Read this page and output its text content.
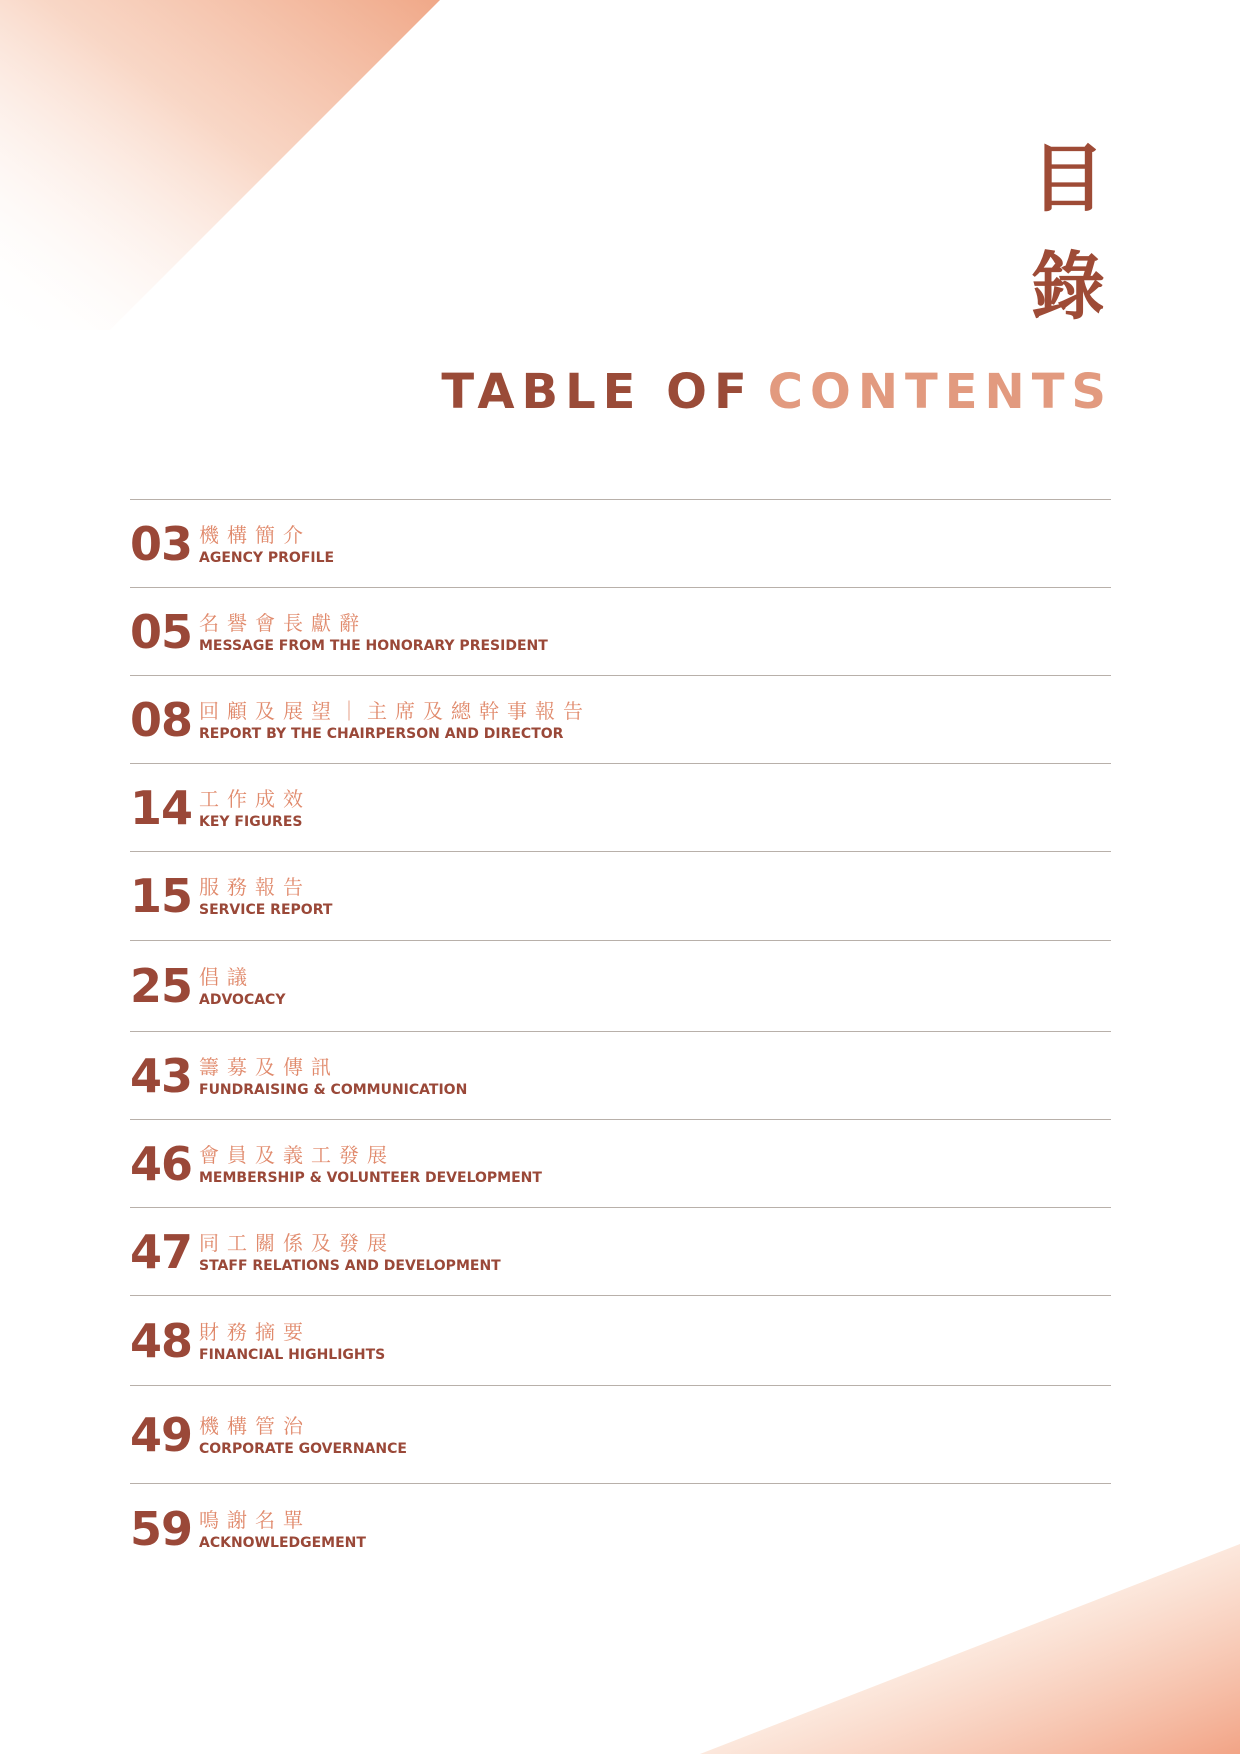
目
錄
TABLE OF CONTENTS
03 機構簡介
AGENCY PROFILE
05 名譽會長獻辭
MESSAGE FROM THE HONORARY PRESIDENT
08 回顧及展望｜主席及總幹事報告
REPORT BY THE CHAIRPERSON AND DIRECTOR
14 工作成效
KEY FIGURES
15 服務報告
SERVICE REPORT
25 倡議
ADVOCACY
43 籌募及傳訊
FUNDRAISING & COMMUNICATION
46 會員及義工發展
MEMBERSHIP & VOLUNTEER DEVELOPMENT
47 同工關係及發展
STAFF RELATIONS AND DEVELOPMENT
48 財務摘要
FINANCIAL HIGHLIGHTS
49 機構管治
CORPORATE GOVERNANCE
59 鳴謝名單
ACKNOWLEDGEMENT
